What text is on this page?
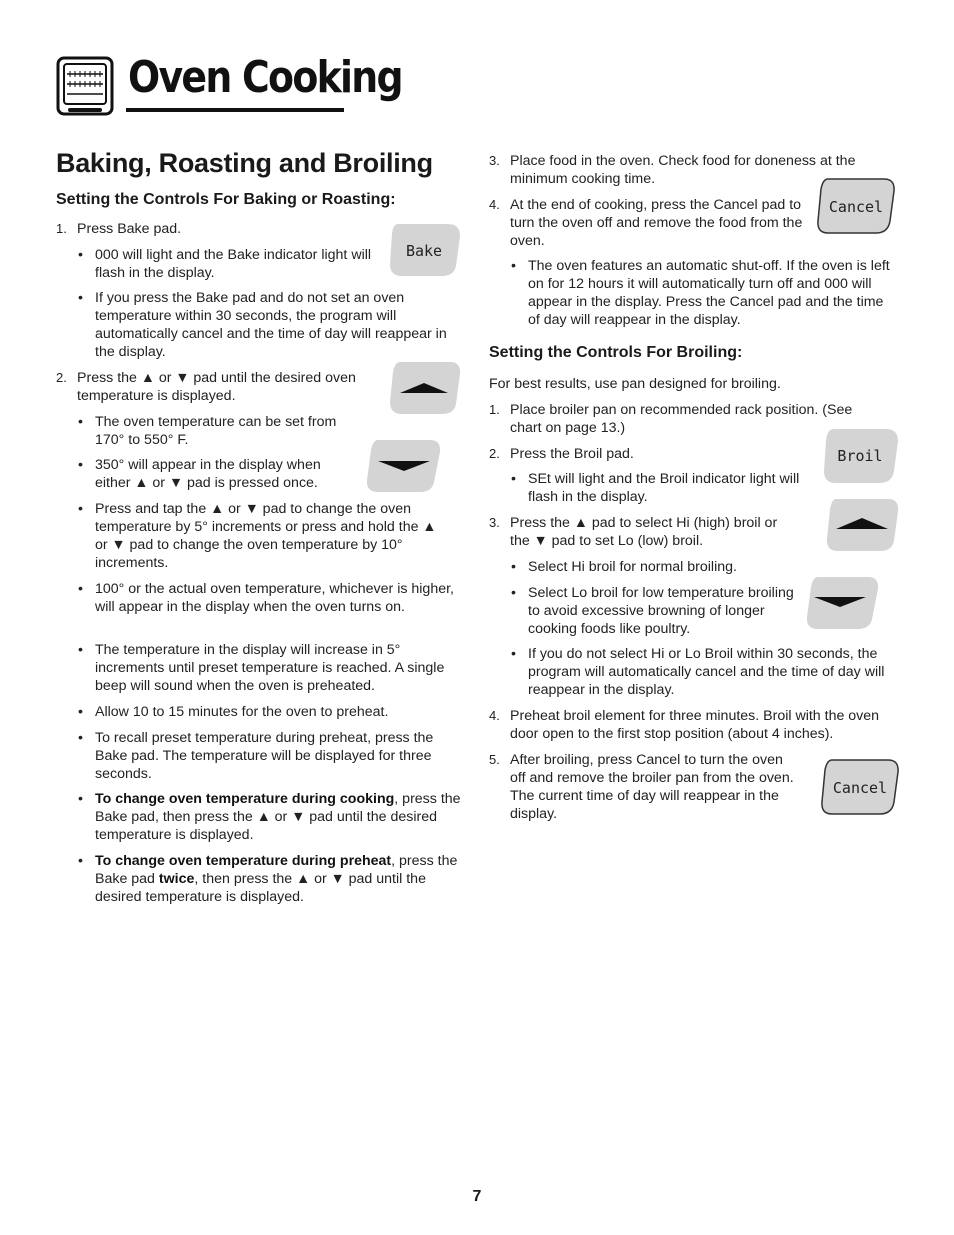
Oven Cooking
Baking, Roasting and Broiling
Setting the Controls For Baking or Roasting:
1. Press Bake pad.
• 000 will light and the Bake indicator light will flash in the display.
• If you press the Bake pad and do not set an oven temperature within 30 seconds, the program will automatically cancel and the time of day will reappear in the display.
2. Press the ▲ or ▼ pad until the desired oven temperature is displayed.
• The oven temperature can be set from 170° to 550° F.
• 350° will appear in the display when either ▲ or ▼ pad is pressed once.
• Press and tap the ▲ or ▼ pad to change the oven temperature by 5° increments or press and hold the ▲ or ▼ pad to change the oven temperature by 10° increments.
• 100° or the actual oven temperature, whichever is higher, will appear in the display when the oven turns on.
• The temperature in the display will increase in 5° increments until preset temperature is reached. A single beep will sound when the oven is preheated.
• Allow 10 to 15 minutes for the oven to preheat.
• To recall preset temperature during preheat, press the Bake pad. The temperature will be displayed for three seconds.
• To change oven temperature during cooking, press the Bake pad, then press the ▲ or ▼ pad until the desired temperature is displayed.
• To change oven temperature during preheat, press the Bake pad twice, then press the ▲ or ▼ pad until the desired temperature is displayed.
Bake
3. Place food in the oven. Check food for doneness at the minimum cooking time.
4. At the end of cooking, press the Cancel pad to turn the oven off and remove the food from the oven.
• The oven features an automatic shut-off. If the oven is left on for 12 hours it will automatically turn off and 000 will appear in the display. Press the Cancel pad and the time of day will reappear in the display.
Setting the Controls For Broiling:
For best results, use pan designed for broiling.
1. Place broiler pan on recommended rack position. (See chart on page 13.)
2. Press the Broil pad.
• SEt will light and the Broil indicator light will flash in the display.
3. Press the ▲ pad to select Hi (high) broil or the ▼ pad to set Lo (low) broil.
• Select Hi broil for normal broiling.
• Select Lo broil for low temperature broiling to avoid excessive browning of longer cooking foods like poultry.
• If you do not select Hi or Lo Broil within 30 seconds, the program will automatically cancel and the time of day will reappear in the display.
4. Preheat broil element for three minutes. Broil with the oven door open to the first stop position (about 4 inches).
5. After broiling, press Cancel to turn the oven off and remove the broiler pan from the oven. The current time of day will reappear in the display.
Cancel
Broil
Cancel
7
